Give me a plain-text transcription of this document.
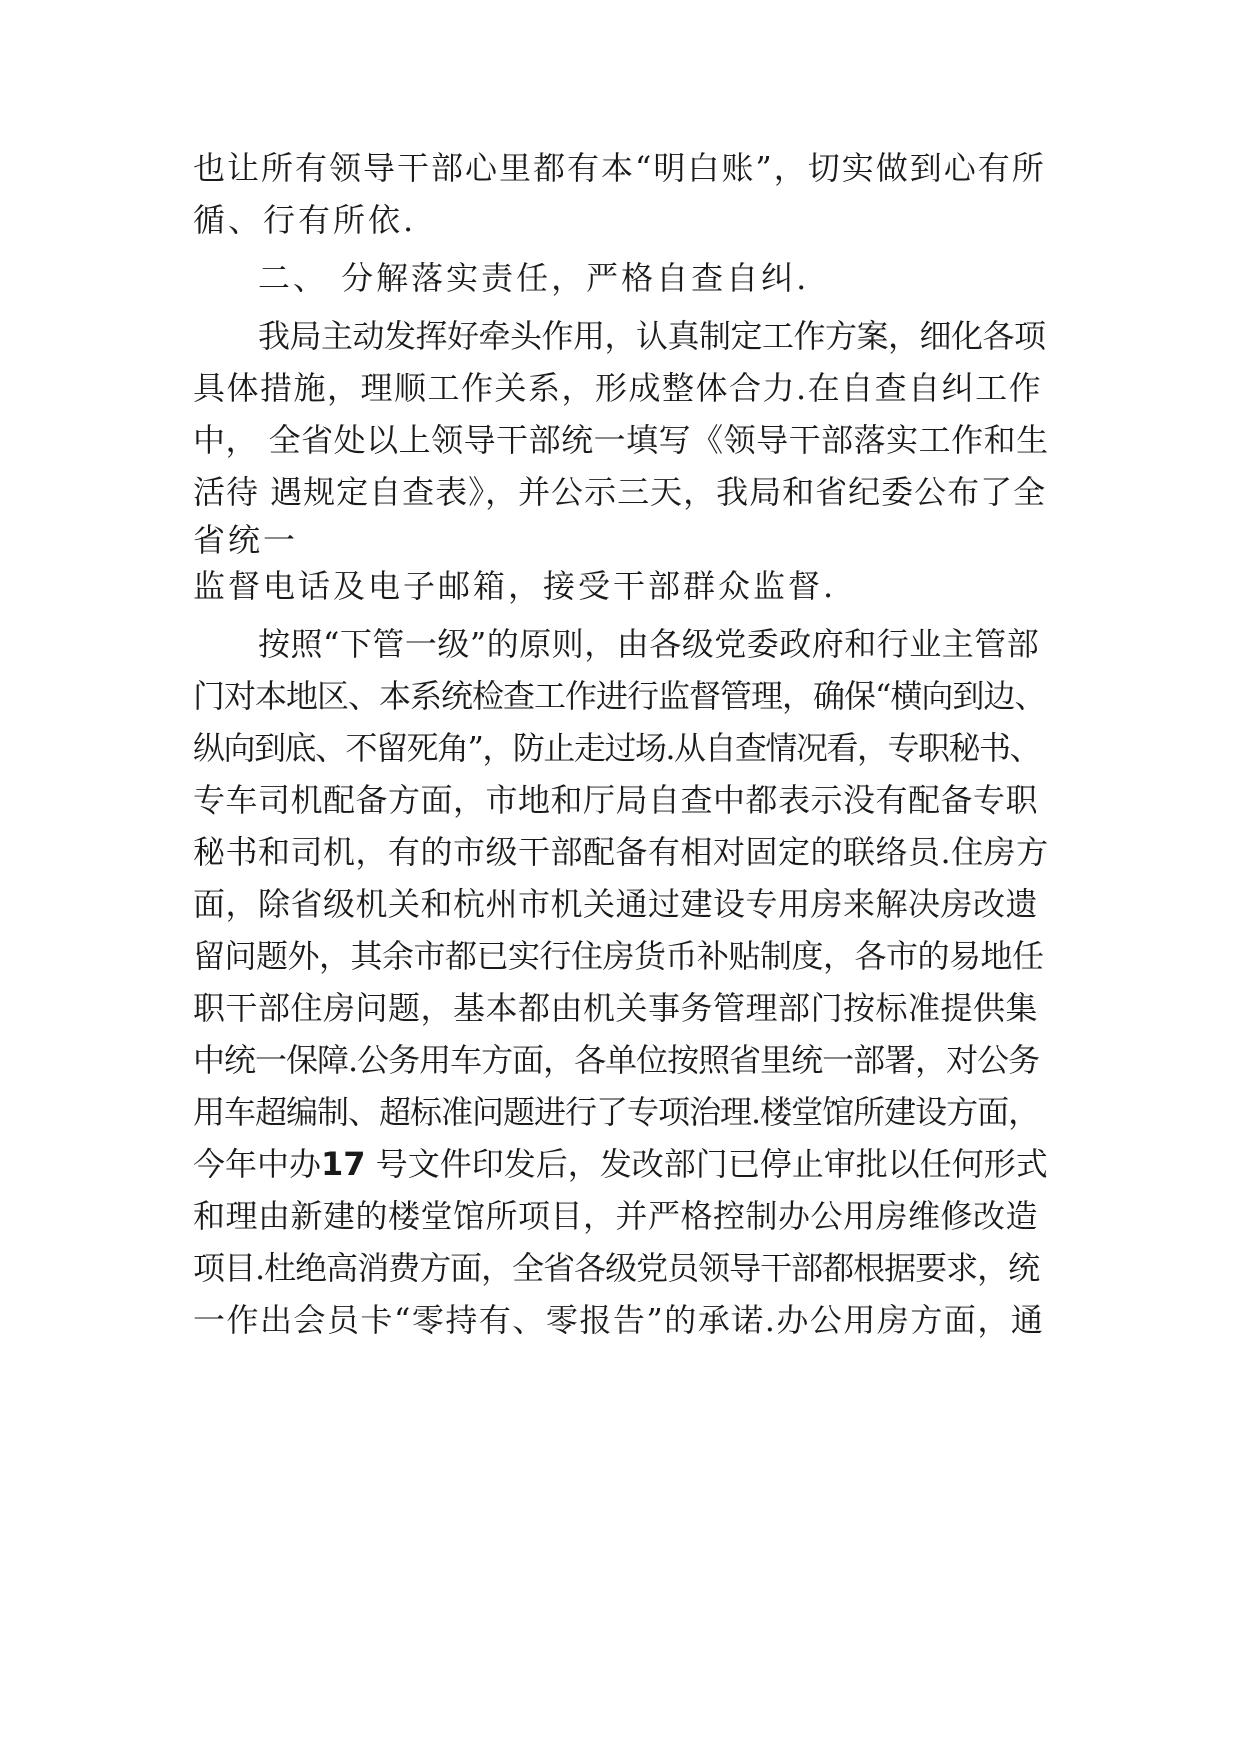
也让所有领导干部心里都有本“明白账”，切实做到心有所
循、行有所依.
二、 分解落实责任，严格自查自纠.
我局主动发挥好牵头作用，认真制定工作方案，细化各项
具体措施，理顺工作关系，形成整体合力.在自查自纠工作
中， 全省处以上领导干部统一填写《领导干部落实工作和生
活待 遇规定自查表》，并公示三天，我局和省纪委公布了全
省统一
监督电话及电子邮箱，接受干部群众监督.
按照“下管一级”的原则，由各级党委政府和行业主管部
门对本地区、本系统检查工作进行监督管理，确保“横向到边、
纵向到底、不留死角”，防止走过场.从自查情况看，专职秘书、
专车司机配备方面，市地和厅局自查中都表示没有配备专职
秘书和司机，有的市级干部配备有相对固定的联络员.住房方
面，除省级机关和杭州市机关通过建设专用房来解决房改遗
留问题外，其余市都已实行住房货币补贴制度，各市的易地任
职干部住房问题，基本都由机关事务管理部门按标准提供集
中统一保障.公务用车方面，各单位按照省里统一部署，对公务
用车超编制、超标准问题进行了专项治理.楼堂馆所建设方面，
今年中办17 号文件印发后，发改部门已停止审批以任何形式
和理由新建的楼堂馆所项目，并严格控制办公用房维修改造
项目.杜绝高消费方面，全省各级党员领导干部都根据要求，统
一作出会员卡“零持有、零报告”的承诺.办公用房方面，通
